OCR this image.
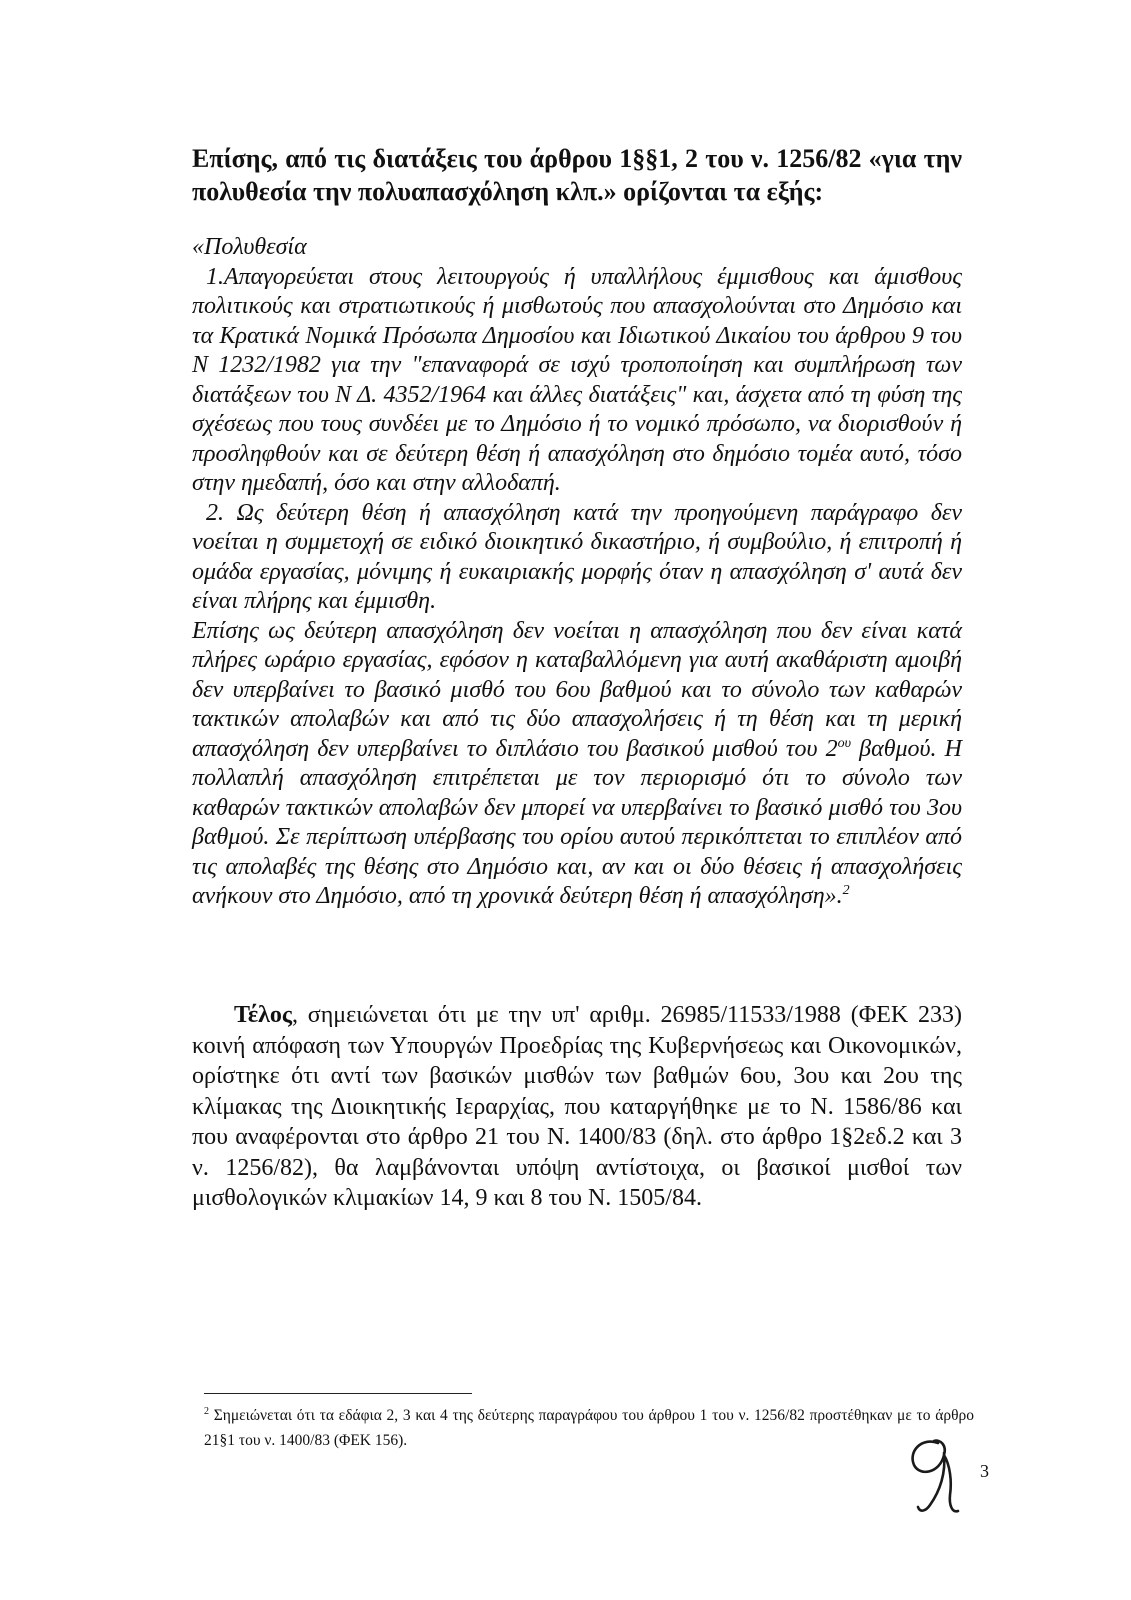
Επίσης, από τις διατάξεις του άρθρου 1§§1, 2 του ν. 1256/82 «για την πολυθεσία την πολυαπασχόληση κλπ.» ορίζονται τα εξής:

«Πολυθεσία

1.Απαγορεύεται στους λειτουργούς ή υπαλλήλους έμμισθους και άμισθους πολιτικούς και στρατιωτικούς ή μισθωτούς που απασχολούνται στο Δημόσιο και τα Κρατικά Νομικά Πρόσωπα Δημοσίου και Ιδιωτικού Δικαίου του άρθρου 9 του Ν 1232/1982 για την "επαναφορά σε ισχύ τροποποίηση και συμπλήρωση των διατάξεων του Ν Δ. 4352/1964 και άλλες διατάξεις" και, άσχετα από τη φύση της σχέσεως που τους συνδέει με το Δημόσιο ή το νομικό πρόσωπο, να διορισθούν ή προσληφθούν και σε δεύτερη θέση ή απασχόληση στο δημόσιο τομέα αυτό, τόσο στην ημεδαπή, όσο και στην αλλοδαπή.

2. Ως δεύτερη θέση ή απασχόληση κατά την προηγούμενη παράγραφο δεν νοείται η συμμετοχή σε ειδικό διοικητικό δικαστήριο, ή συμβούλιο, ή επιτροπή ή ομάδα εργασίας, μόνιμης ή ευκαιριακής μορφής όταν η απασχόληση σ' αυτά δεν είναι πλήρης και έμμισθη.

Επίσης ως δεύτερη απασχόληση δεν νοείται η απασχόληση που δεν είναι κατά πλήρες ωράριο εργασίας, εφόσον η καταβαλλόμενη για αυτή ακαθάριστη αμοιβή δεν υπερβαίνει το βασικό μισθό του 6ου βαθμού και το σύνολο των καθαρών τακτικών απολαβών και από τις δύο απασχολήσεις ή τη θέση και τη μερική απασχόληση δεν υπερβαίνει το διπλάσιο του βασικού μισθού του $2^{o\upsilon}$ βαθμού. Η πολλαπλή απασχόληση επιτρέπεται με τον περιορισμό ότι το σύνολο των καθαρών τακτικών απολαβών δεν μπορεί να υπερβαίνει το βασικό μισθό του 3ου βαθμού. Σε περίπτωση υπέρβασης του ορίου αυτού περικόπτεται το επιπλέον από τις απολαβές της θέσης στο Δημόσιο και, αν και οι δύο θέσεις ή απασχολήσεις ανήκουν στο Δημόσιο, από τη χρονικά δεύτερη θέση ή απασχόληση».$^2$

Τέλος, σημειώνεται ότι με την υπ' αριθμ. 26985/11533/1988 (ΦΕΚ 233) κοινή απόφαση των Υπουργών Προεδρίας της Κυβερνήσεως και Οικονομικών, ορίστηκε ότι αντί των βασικών μισθών των βαθμών 6ου, 3ου και 2ου της κλίμακας της Διοικητικής Ιεραρχίας, που καταργήθηκε με το Ν. 1586/86 και που αναφέρονται στο άρθρο 21 του Ν. 1400/83 (δηλ. στο άρθρο 1§2εδ.2 και 3 ν. 1256/82), θα λαμβάνονται υπόψη αντίστοιχα, οι βασικοί μισθοί των μισθολογικών κλιμακίων 14, 9 και 8 του Ν. 1505/84.
$^2$ Σημειώνεται ότι τα εδάφια 2, 3 και 4 της δεύτερης παραγράφου του άρθρου 1 του ν. 1256/82 προστέθηκαν με το άρθρο 21§1 του ν. 1400/83 (ΦΕΚ 156).
3
